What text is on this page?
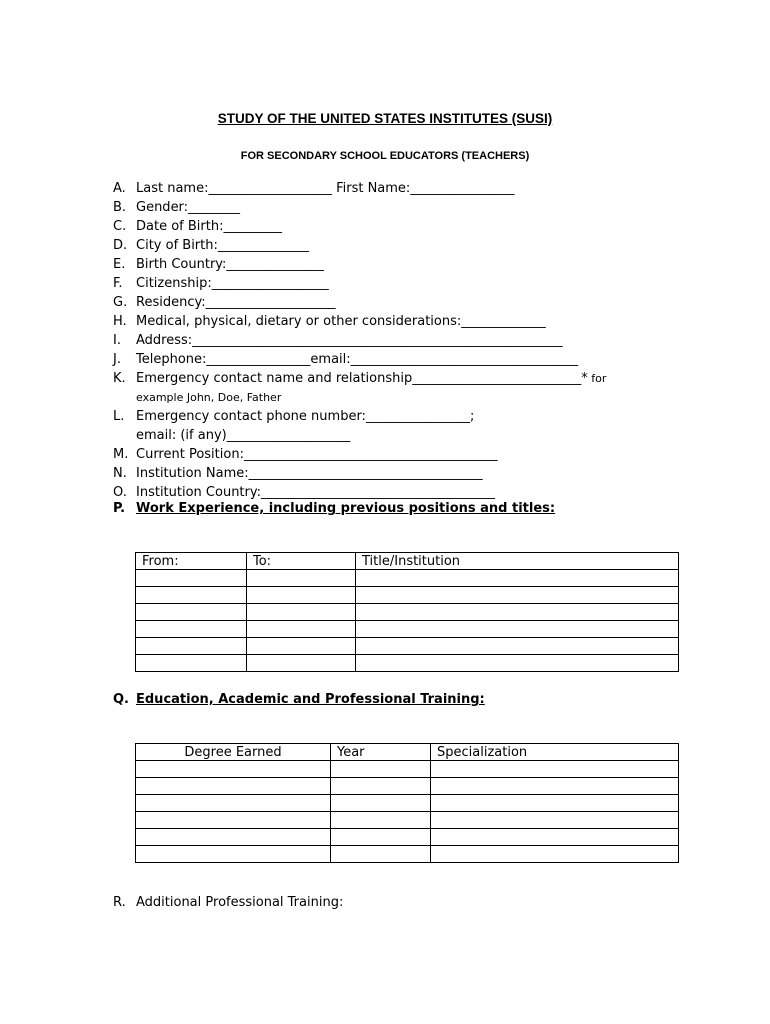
STUDY OF THE UNITED STATES INSTITUTES (SUSI)
FOR SECONDARY SCHOOL EDUCATORS (TEACHERS)
A. Last name:___________________ First Name:________________
B. Gender:________
C. Date of Birth:_________
D. City of Birth:______________
E. Birth Country:_______________
F.	Citizenship:__________________
G. Residency:____________________
H. Medical, physical, dietary or other considerations:_____________
I.	Address:_________________________________________________________
J.	Telephone:________________email:___________________________________
K. Emergency contact name and relationship__________________________* for
example John, Doe, Father
L. Emergency contact phone number:________________;
email: (if any)___________________
M. Current Position:_______________________________________
N. Institution Name:____________________________________
O. Institution Country:____________________________________
P. Work Experience, including previous positions and titles:
From:	To:	Title/Institution

Q. Education, Academic and Professional Training:
Degree Earned	Year	Specialization

R. Additional Professional Training:
